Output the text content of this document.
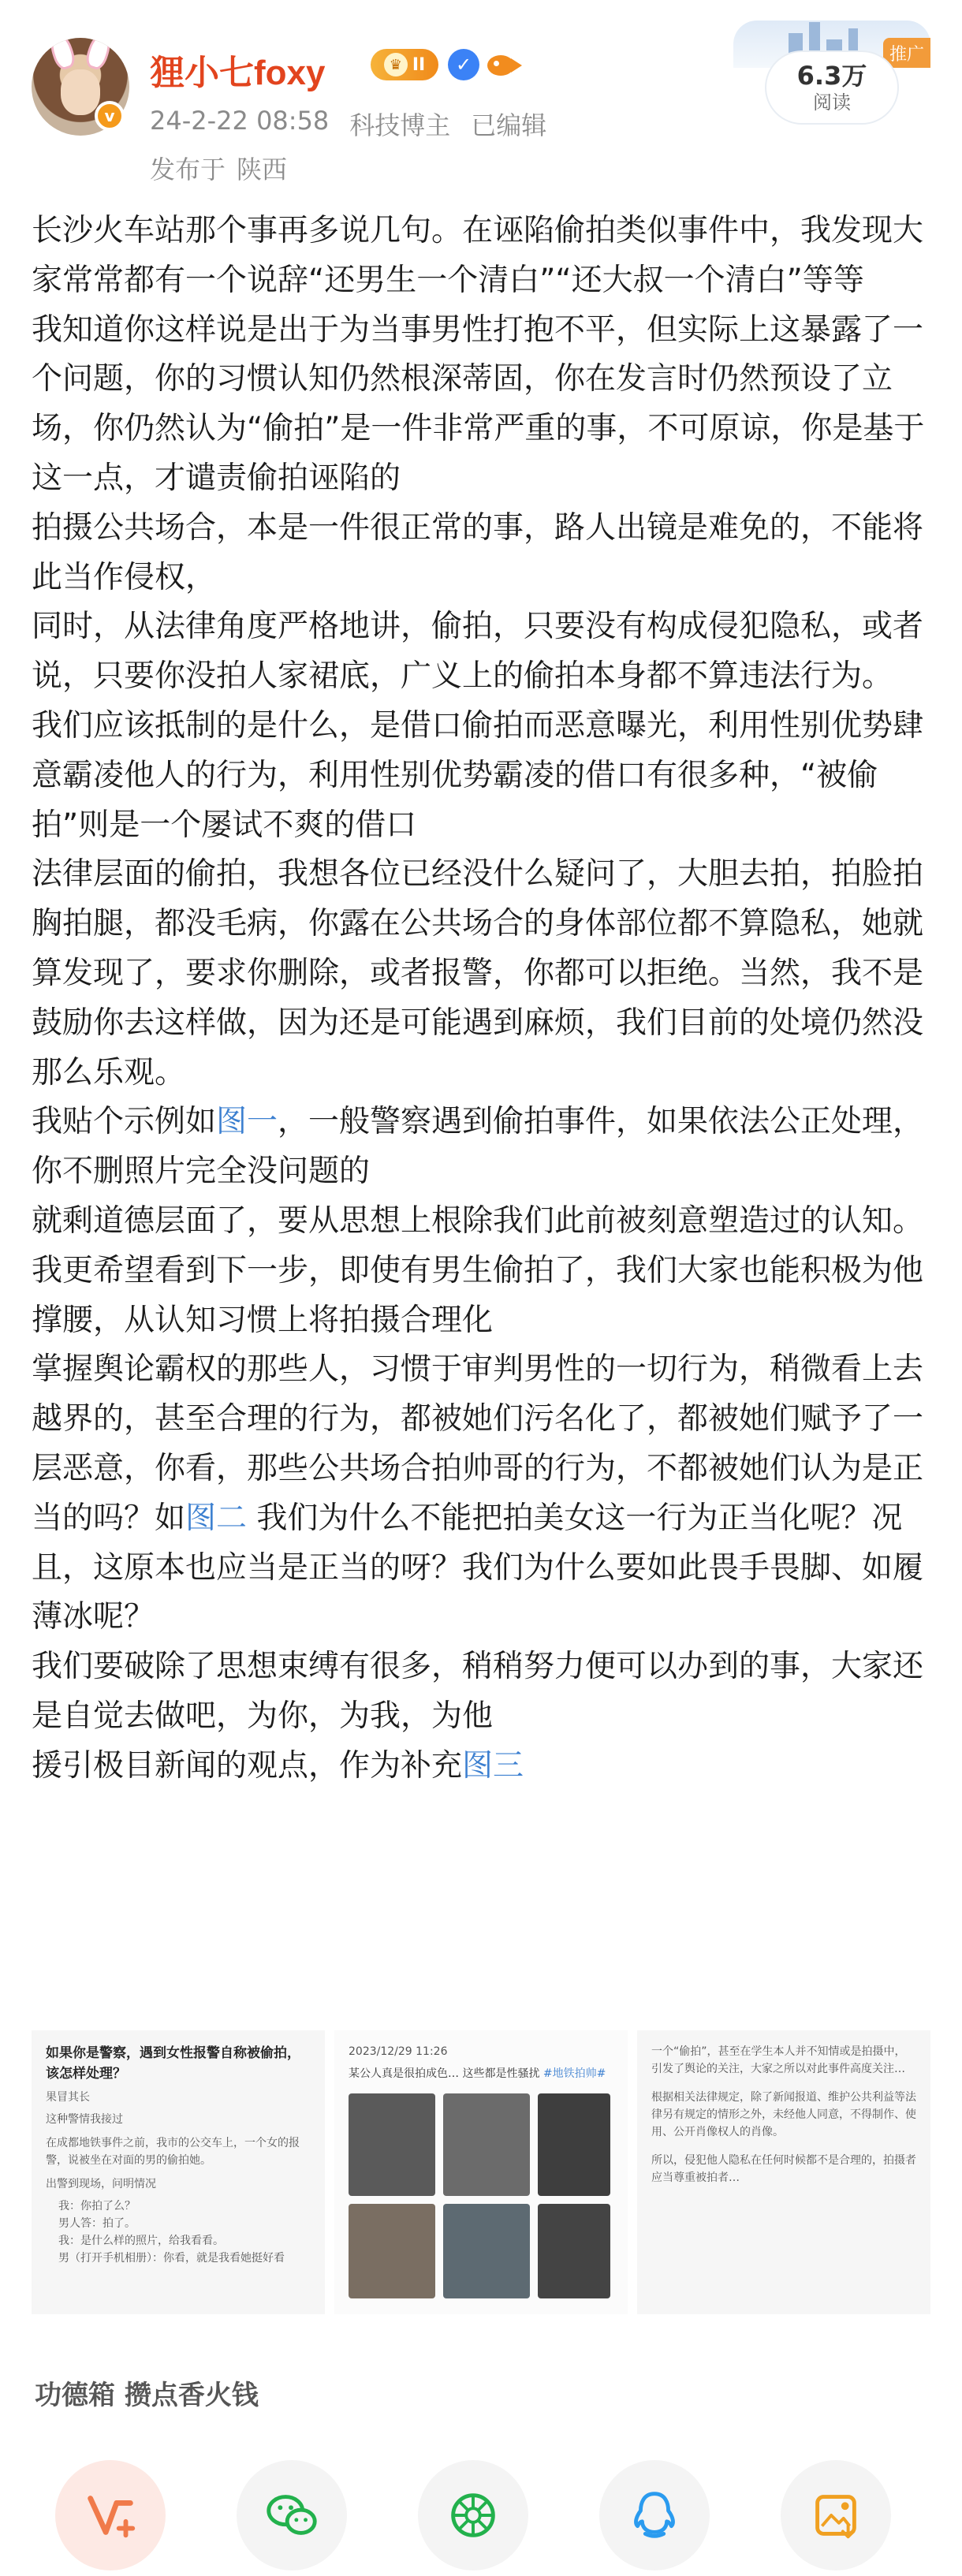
v
狸小七foxy	♛ II	✓
24-2-22 08:58 科技博主 已编辑
发布于 陕西
推广
6.3万
阅读

长沙火车站那个事再多说几句。在诬陷偷拍类似事件中，我发现大家常常都有一个说辞“还男生一个清白”“还大叔一个清白”等等

我知道你这样说是出于为当事男性打抱不平，但实际上这暴露了一个问题，你的习惯认知仍然根深蒂固，你在发言时仍然预设了立场，你仍然认为“偷拍”是一件非常严重的事，不可原谅，你是基于这一点，才谴责偷拍诬陷的

拍摄公共场合，本是一件很正常的事，路人出镜是难免的，不能将此当作侵权，

同时，从法律角度严格地讲，偷拍，只要没有构成侵犯隐私，或者说，只要你没拍人家裙底，广义上的偷拍本身都不算违法行为。

我们应该抵制的是什么，是借口偷拍而恶意曝光，利用性别优势肆意霸凌他人的行为，利用性别优势霸凌的借口有很多种，“被偷拍”则是一个屡试不爽的借口

法律层面的偷拍，我想各位已经没什么疑问了，大胆去拍，拍脸拍胸拍腿，都没毛病，你露在公共场合的身体部位都不算隐私，她就算发现了，要求你删除，或者报警，你都可以拒绝。当然，我不是鼓励你去这样做，因为还是可能遇到麻烦，我们目前的处境仍然没那么乐观。

我贴个示例如图一，一般警察遇到偷拍事件，如果依法公正处理，你不删照片完全没问题的

就剩道德层面了，要从思想上根除我们此前被刻意塑造过的认知。我更希望看到下一步，即使有男生偷拍了，我们大家也能积极为他撑腰，从认知习惯上将拍摄合理化

掌握舆论霸权的那些人，习惯于审判男性的一切行为，稍微看上去越界的，甚至合理的行为，都被她们污名化了，都被她们赋予了一层恶意，你看，那些公共场合拍帅哥的行为，不都被她们认为是正当的吗？如图二 我们为什么不能把拍美女这一行为正当化呢？况且，这原本也应当是正当的呀？我们为什么要如此畏手畏脚、如履薄冰呢？

我们要破除了思想束缚有很多，稍稍努力便可以办到的事，大家还是自觉去做吧，为你，为我，为他

援引极目新闻的观点，作为补充图三

如果你是警察，遇到女性报警自称被偷拍，该怎样处理？
果冒其长
这种警情我接过
在成都地铁事件之前，我市的公交车上，一个女的报警，说被坐在对面的男的偷拍她。
出警到现场，问明情况
我：你拍了么？
男人答：拍了。
我：是什么样的照片，给我看看。
男（打开手机相册）：你看，就是我看她挺好看
2023/12/29 11:26
某公人真是很拍成色… 这些都是性骚扰 #地铁拍帅#
一个“偷拍”，甚至在学生本人并不知情或是拍摄中，引发了舆论的关注，大家之所以对此事件高度关注…
根据相关法律规定，除了新闻报道、维护公共利益等法律另有规定的情形之外，未经他人同意，不得制作、使用、公开肖像权人的肖像。
所以，侵犯他人隐私在任何时候都不是合理的，拍摄者应当尊重被拍者…
功德箱 攒点香火钱
